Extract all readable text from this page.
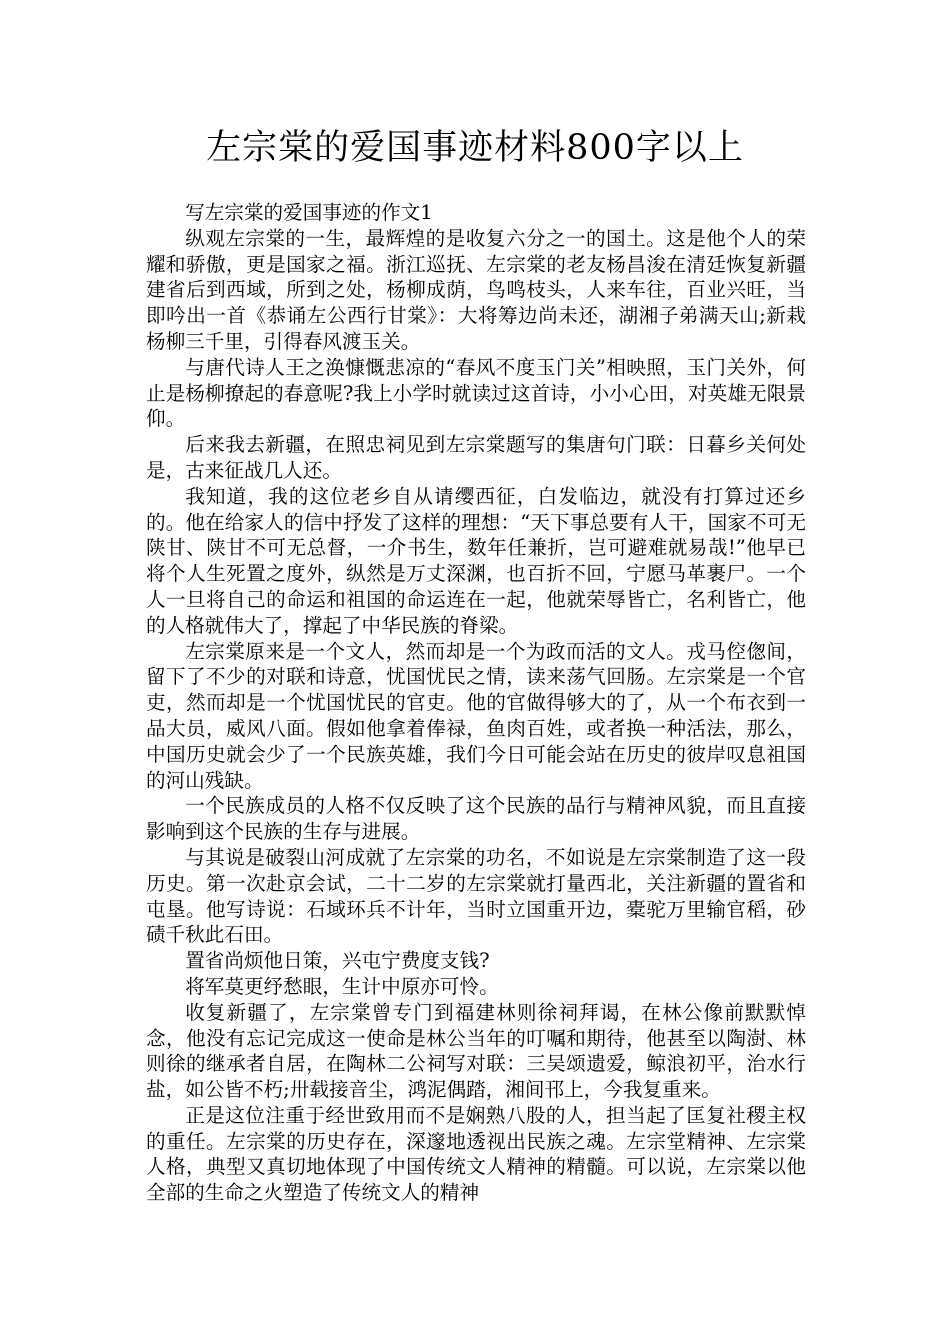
左宗棠的爱国事迹材料800字以上

写左宗棠的爱国事迹的作文1

纵观左宗棠的一生，最辉煌的是收复六分之一的国土。这是他个人的荣耀和骄傲，更是国家之福。浙江巡抚、左宗棠的老友杨昌浚在清廷恢复新疆建省后到西域，所到之处，杨柳成荫，鸟鸣枝头，人来车往，百业兴旺，当即吟出一首《恭诵左公西行甘棠》：大将筹边尚未还，湖湘子弟满天山;新栽杨柳三千里，引得春风渡玉关。

与唐代诗人王之涣慷慨悲凉的“春风不度玉门关”相映照，玉门关外，何止是杨柳撩起的春意呢?我上小学时就读过这首诗，小小心田，对英雄无限景仰。

后来我去新疆，在照忠祠见到左宗棠题写的集唐句门联：日暮乡关何处是，古来征战几人还。

我知道，我的这位老乡自从请缨西征，白发临边，就没有打算过还乡的。他在给家人的信中抒发了这样的理想：“天下事总要有人干，国家不可无陕甘、陕甘不可无总督，一介书生，数年任兼折，岂可避难就易哉!”他早已将个人生死置之度外，纵然是万丈深渊，也百折不回，宁愿马革裹尸。一个人一旦将自己的命运和祖国的命运连在一起，他就荣辱皆亡，名利皆亡，他的人格就伟大了，撑起了中华民族的脊梁。

左宗棠原来是一个文人，然而却是一个为政而活的文人。戎马倥偬间，留下了不少的对联和诗意，忧国忧民之情，读来荡气回肠。左宗棠是一个官吏，然而却是一个忧国忧民的官吏。他的官做得够大的了，从一个布衣到一品大员，威风八面。假如他拿着俸禄，鱼肉百姓，或者换一种活法，那么，中国历史就会少了一个民族英雄，我们今日可能会站在历史的彼岸叹息祖国的河山残缺。

一个民族成员的人格不仅反映了这个民族的品行与精神风貌，而且直接影响到这个民族的生存与进展。

与其说是破裂山河成就了左宗棠的功名，不如说是左宗棠制造了这一段历史。第一次赴京会试，二十二岁的左宗棠就打量西北，关注新疆的置省和屯垦。他写诗说：石域环兵不计年，当时立国重开边，橐驼万里输官稻，砂碛千秋此石田。

置省尚烦他日策，兴屯宁费度支钱?

将军莫更纾愁眼，生计中原亦可怜。

收复新疆了，左宗棠曾专门到福建林则徐祠拜谒，在林公像前默默悼念，他没有忘记完成这一使命是林公当年的叮嘱和期待，他甚至以陶澍、林则徐的继承者自居，在陶林二公祠写对联：三吴颂遗爱，鲸浪初平，治水行盐，如公皆不朽;卅载接音尘，鸿泥偶踏，湘间邗上，今我复重来。

正是这位注重于经世致用而不是娴熟八股的人，担当起了匡复社稷主权的重任。左宗棠的历史存在，深邃地透视出民族之魂。左宗堂精神、左宗棠人格，典型又真切地体现了中国传统文人精神的精髓。可以说，左宗棠以他全部的生命之火塑造了传统文人的精神
